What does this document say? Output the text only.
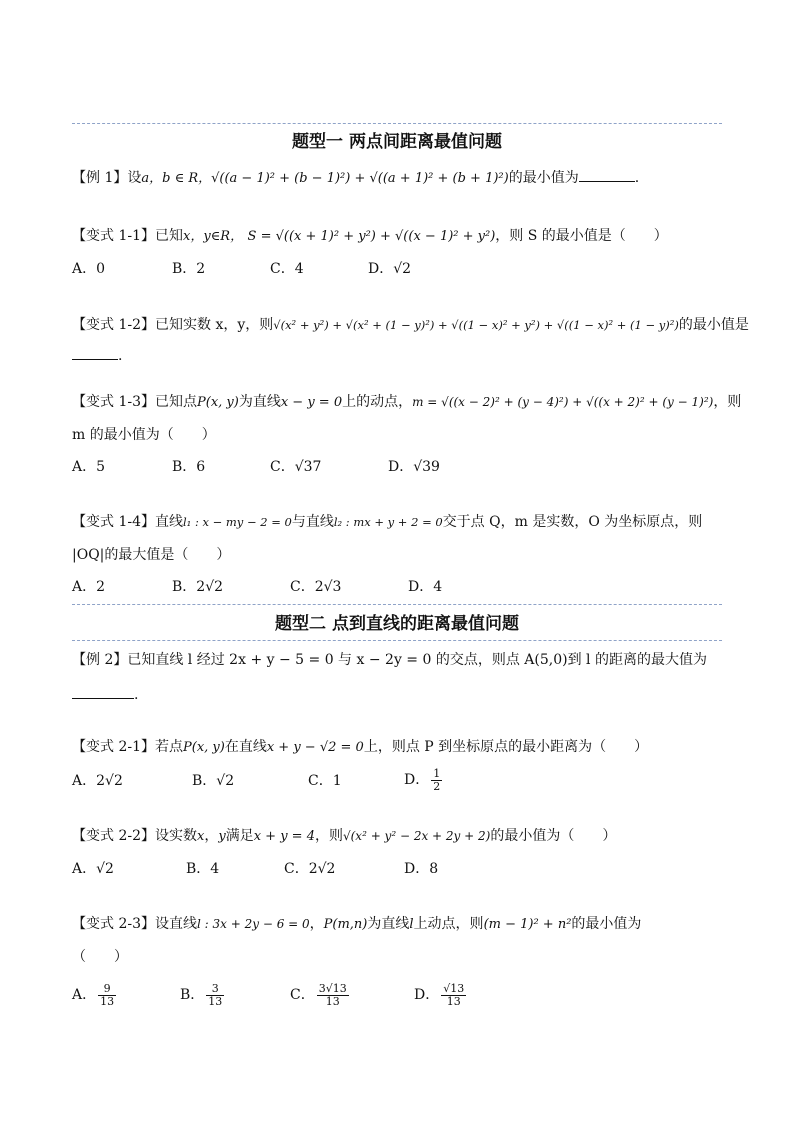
题型一 两点间距离最值问题
【例 1】设a，b ∈ R，√((a − 1)² + (b − 1)²) + √((a + 1)² + (b + 1)²)的最小值为	.
【变式 1-1】已知x，y∈R， S = √((x + 1)² + y²) + √((x − 1)² + y²)，则 S 的最小值是（　　）
A．0	B．2	C．4	D．√2
【变式 1-2】已知实数 x，y，则√(x² + y²) + √(x² + (1 − y)²) + √((1 − x)² + y²) + √((1 − x)² + (1 − y)²)的最小值是
.
【变式 1-3】已知点P(x, y)为直线x − y = 0上的动点，m = √((x − 2)² + (y − 4)²) + √((x + 2)² + (y − 1)²)，则
m 的最小值为（　　）
A．5	B．6	C．√37	D．√39
【变式 1-4】直线l₁ : x − my − 2 = 0与直线l₂ : mx + y + 2 = 0交于点 Q，m 是实数，O 为坐标原点，则
|OQ|的最大值是（　　）
A．2	B．2√2	C．2√3	D．4
题型二 点到直线的距离最值问题
【例 2】已知直线 l 经过 2x + y − 5 = 0 与 x − 2y = 0 的交点，则点 A(5,0)到 l 的距离的最大值为
.
【变式 2-1】若点P(x, y)在直线x + y − √2 = 0上，则点 P 到坐标原点的最小距离为（　　）
A．2√2	B．√2	C．1	D． $\frac{1}{2}$
【变式 2-2】设实数x，y满足x + y = 4，则√(x² + y² − 2x + 2y + 2)的最小值为（　　）
A．√2	B．4	C．2√2	D．8
【变式 2-3】设直线l : 3x + 2y − 6 = 0，P(m,n)为直线l上动点，则(m − 1)² + n²的最小值为
（　　）
A． $\frac{9}{13}$	B． $\frac{3}{13}$	C． $\frac{3√13}{13}$	D． $\frac{√13}{13}$
